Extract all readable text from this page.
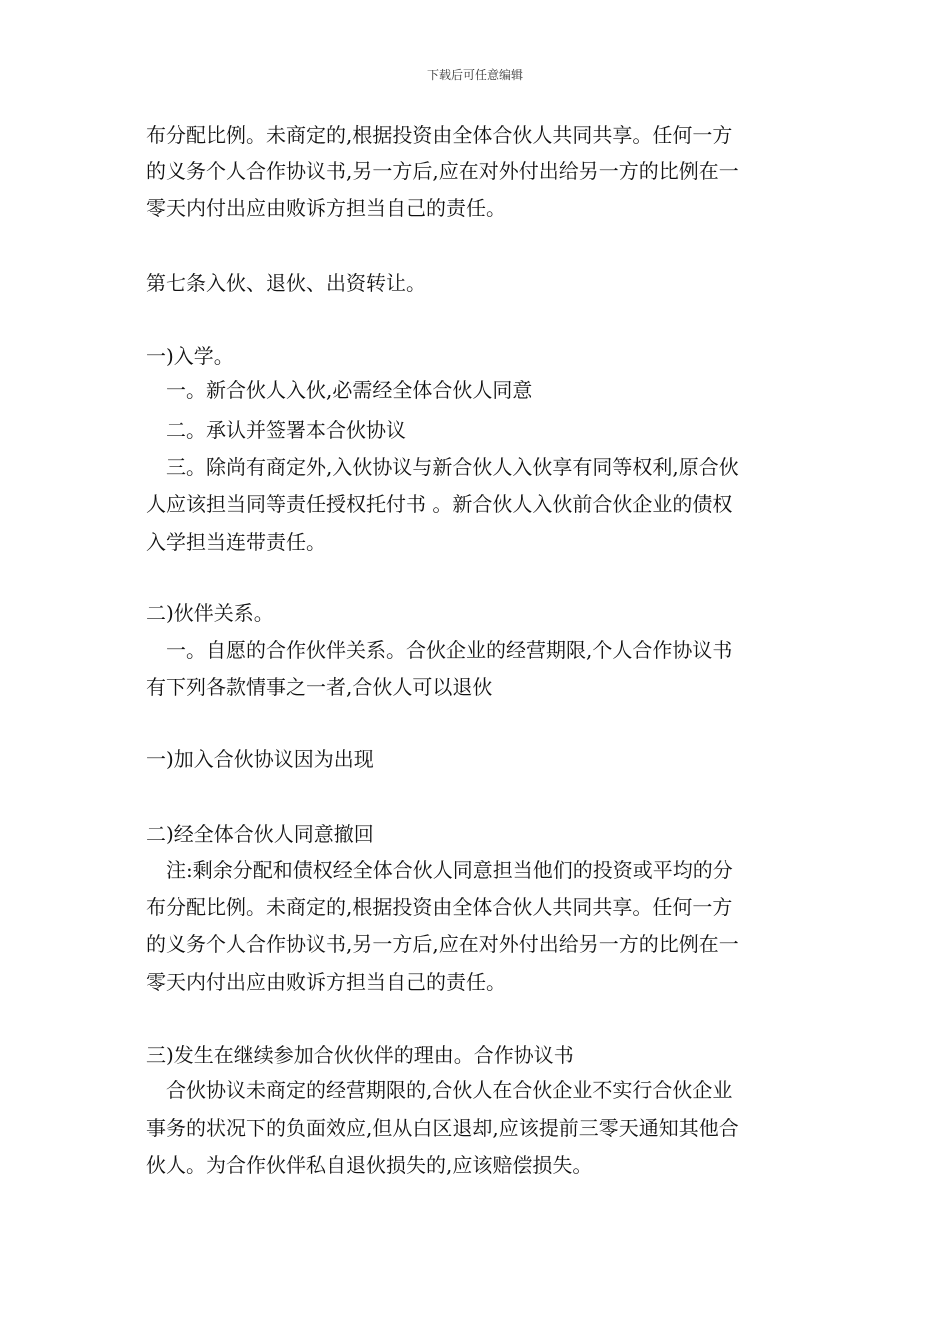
下载后可任意编辑
布分配比例。未商定的,根据投资由全体合伙人共同共享。任何一方
的义务个人合作协议书,另一方后,应在对外付出给另一方的比例在一
零天内付出应由败诉方担当自己的责任。
第七条入伙、退伙、出资转让。
一)入学。
一。新合伙人入伙,必需经全体合伙人同意
二。承认并签署本合伙协议
三。除尚有商定外,入伙协议与新合伙人入伙享有同等权利,原合伙
人应该担当同等责任授权托付书 。新合伙人入伙前合伙企业的债权
入学担当连带责任。
二)伙伴关系。
一。自愿的合作伙伴关系。合伙企业的经营期限,个人合作协议书
有下列各款情事之一者,合伙人可以退伙
一)加入合伙协议因为出现
二)经全体合伙人同意撤回
注:剩余分配和债权经全体合伙人同意担当他们的投资或平均的分
布分配比例。未商定的,根据投资由全体合伙人共同共享。任何一方
的义务个人合作协议书,另一方后,应在对外付出给另一方的比例在一
零天内付出应由败诉方担当自己的责任。
三)发生在继续参加合伙伙伴的理由。合作协议书
合伙协议未商定的经营期限的,合伙人在合伙企业不实行合伙企业
事务的状况下的负面效应,但从白区退却,应该提前三零天通知其他合
伙人。为合作伙伴私自退伙损失的,应该赔偿损失。
